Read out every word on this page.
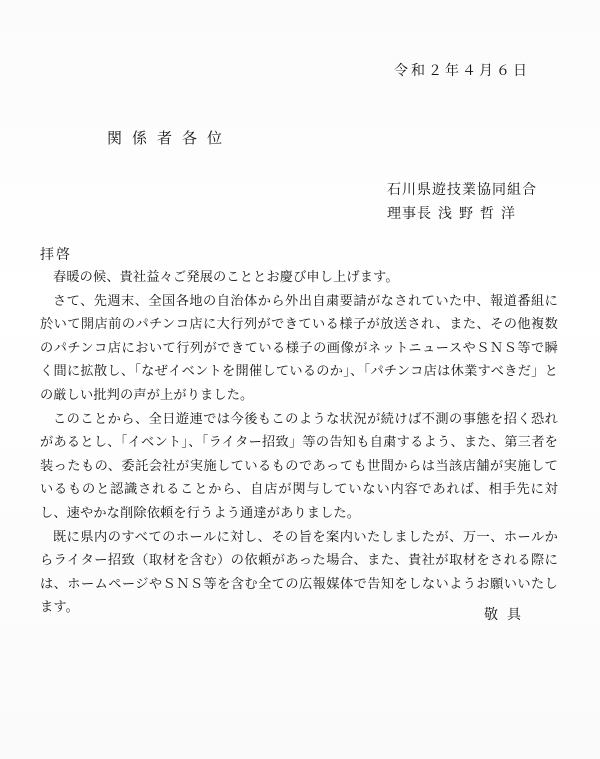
令和２年４月６日
関係者各位
石川県遊技業協同組合
理事長 浅野哲洋
拝啓

春暖の候、貴社益々ご発展のこととお慶び申し上げます。

さて、先週末、全国各地の自治体から外出自粛要請がなされていた中、報道番組に於いて開店前のパチンコ店に大行列ができている様子が放送され、また、その他複数のパチンコ店において行列ができている様子の画像がネットニュースやＳＮＳ等で瞬く間に拡散し、「なぜイベントを開催しているのか」、「パチンコ店は休業すべきだ」との厳しい批判の声が上がりました。

このことから、全日遊連では今後もこのような状況が続けば不測の事態を招く恐れがあるとし、「イベント」、「ライター招致」等の告知も自粛するよう、また、第三者を装ったもの、委託会社が実施しているものであっても世間からは当該店舗が実施しているものと認識されることから、自店が関与していない内容であれば、相手先に対し、速やかな削除依頼を行うよう通達がありました。

既に県内のすべてのホールに対し、その旨を案内いたしましたが、万一、ホールからライター招致（取材を含む）の依頼があった場合、また、貴社が取材をされる際には、ホームページやＳＮＳ等を含む全ての広報媒体で告知をしないようお願いいたします。	敬具
